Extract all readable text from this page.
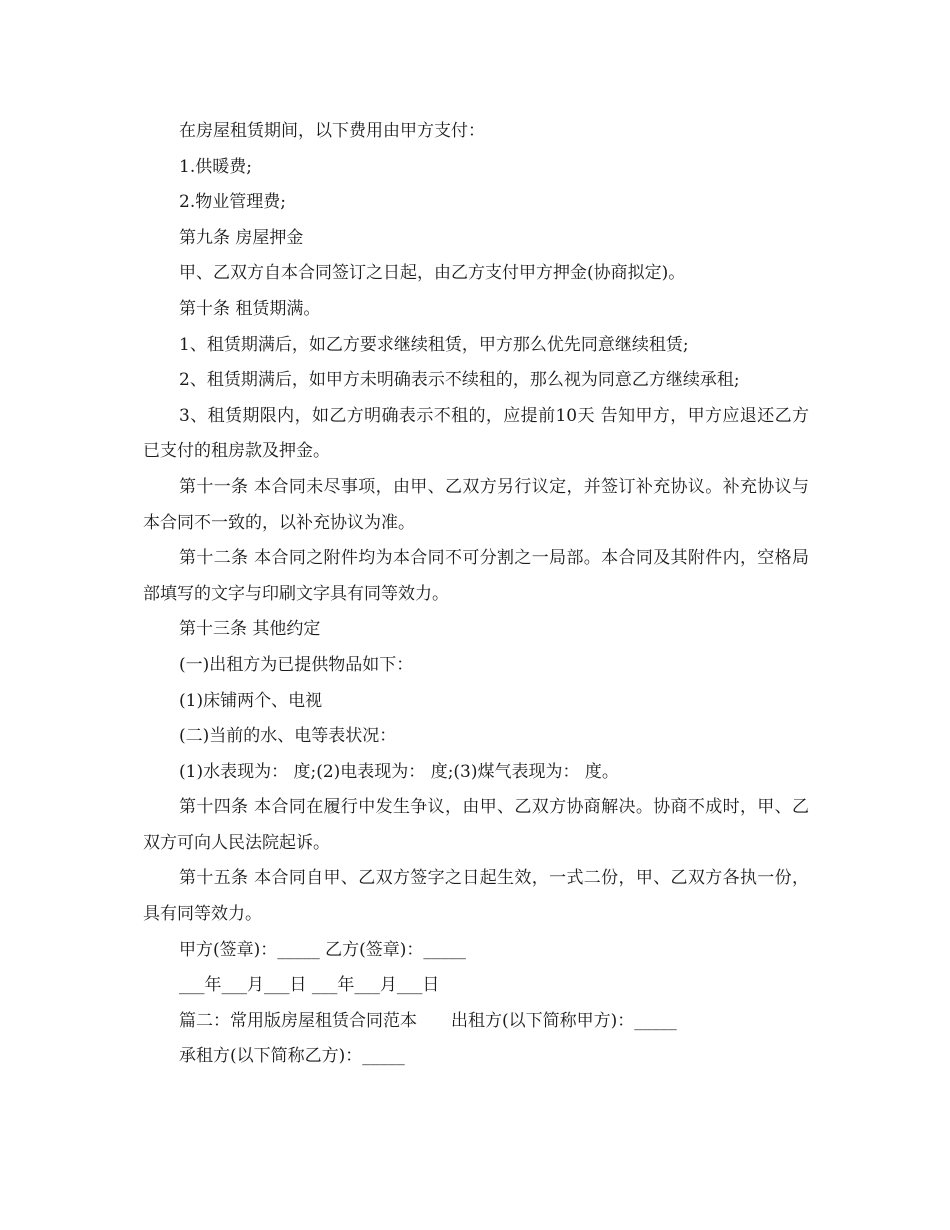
在房屋租赁期间，以下费用由甲方支付：

1.供暖费;

2.物业管理费;

第九条 房屋押金

甲、乙双方自本合同签订之日起，由乙方支付甲方押金(协商拟定)。

第十条 租赁期满。

1、租赁期满后，如乙方要求继续租赁，甲方那么优先同意继续租赁;

2、租赁期满后，如甲方未明确表示不续租的，那么视为同意乙方继续承租;

3、租赁期限内，如乙方明确表示不租的，应提前10天 告知甲方，甲方应退还乙方已支付的租房款及押金。

第十一条 本合同未尽事项，由甲、乙双方另行议定，并签订补充协议。补充协议与本合同不一致的，以补充协议为准。

第十二条 本合同之附件均为本合同不可分割之一局部。本合同及其附件内，空格局部填写的文字与印刷文字具有同等效力。

第十三条 其他约定

(一)出租方为已提供物品如下：

(1)床铺两个、电视

(二)当前的水、电等表状况：

(1)水表现为： 度;(2)电表现为： 度;(3)煤气表现为： 度。

第十四条 本合同在履行中发生争议，由甲、乙双方协商解决。协商不成时，甲、乙双方可向人民法院起诉。

第十五条 本合同自甲、乙双方签字之日起生效，一式二份，甲、乙双方各执一份，具有同等效力。

甲方(签章)：_____ 乙方(签章)：_____

___年___月___日 ___年___月___日

篇二：常用版房屋租赁合同范本　　出租方(以下简称甲方)：_____

承租方(以下简称乙方)：_____
